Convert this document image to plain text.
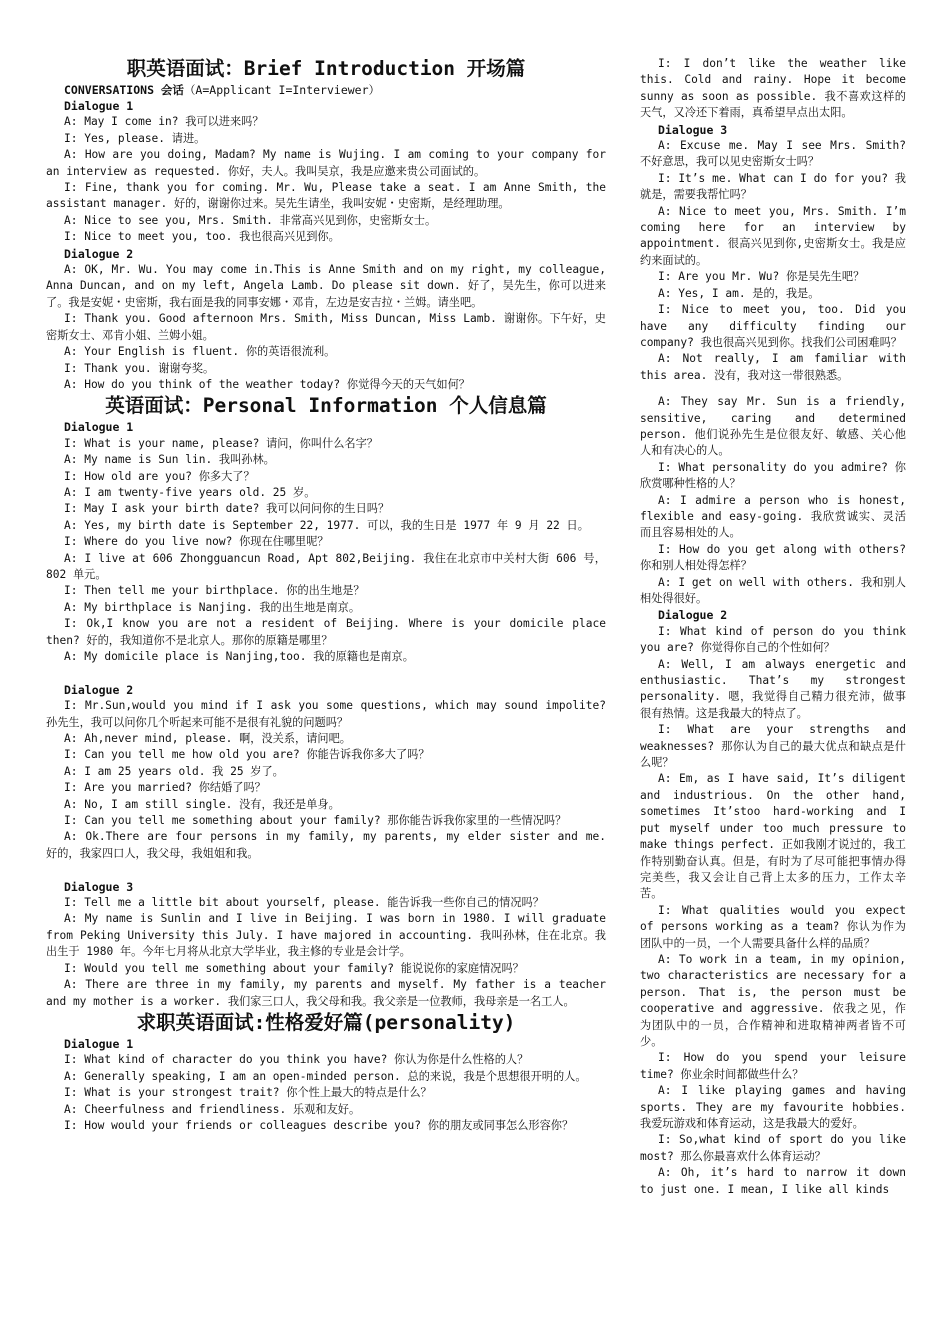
职英语面试：Brief Introduction 开场篇
CONVERSATIONS 会话（A=Applicant I=Interviewer）
Dialogue 1
A: May I come in? 我可以进来吗？
I: Yes, please. 请进。
A: How are you doing, Madam? My name is Wujing. I am coming to your company for an interview as requested. 你好，夫人。我叫吴京，我是应邀来贵公司面试的。
I: Fine, thank you for coming. Mr. Wu, Please take a seat. I am Anne Smith, the assistant manager. 好的，谢谢你过来。吴先生请坐，我叫安妮・史密斯，是经理助理。
A: Nice to see you, Mrs. Smith. 非常高兴见到你，史密斯女士。
I: Nice to meet you, too. 我也很高兴见到你。
Dialogue 2
A: OK, Mr. Wu. You may come in.This is Anne Smith and on my right, my colleague, Anna Duncan, and on my left, Angela Lamb. Do please sit down. 好了，吴先生，你可以进来了。我是安妮・史密斯，我右面是我的同事安娜・邓肯，左边是安吉拉・兰姆。请坐吧。
I: Thank you. Good afternoon Mrs. Smith, Miss Duncan, Miss Lamb. 谢谢你。下午好，史密斯女士、邓肯小姐、兰姆小姐。
A: Your English is fluent. 你的英语很流利。
I: Thank you. 谢谢夸奖。
A: How do you think of the weather today? 你觉得今天的天气如何？
英语面试：Personal Information 个人信息篇
Dialogue 1
I: What is your name, please? 请问，你叫什么名字？
A: My name is Sun lin. 我叫孙林。
I: How old are you? 你多大了？
A: I am twenty-five years old. 25 岁。
I: May I ask your birth date? 我可以问问你的生日吗？
A: Yes, my birth date is September 22, 1977. 可以，我的生日是 1977 年 9 月 22 日。
I: Where do you live now? 你现在住哪里呢？
A: I live at 606 Zhongguancun Road, Apt 802,Beijing. 我住在北京市中关村大街 606 号，802 单元。
I: Then tell me your birthplace. 你的出生地是？
A: My birthplace is Nanjing. 我的出生地是南京。
I: Ok,I know you are not a resident of Beijing. Where is your domicile place then? 好的，我知道你不是北京人。那你的原籍是哪里？
A: My domicile place is Nanjing,too. 我的原籍也是南京。
Dialogue 2
I: Mr.Sun,would you mind if I ask you some questions, which may sound impolite? 孙先生，我可以问你几个听起来可能不是很有礼貌的问题吗？
A: Ah,never mind, please. 啊，没关系，请问吧。
I: Can you tell me how old you are? 你能告诉我你多大了吗？
A: I am 25 years old. 我 25 岁了。
I: Are you married? 你结婚了吗？
A: No, I am still single. 没有，我还是单身。
I: Can you tell me something about your family? 那你能告诉我你家里的一些情况吗？
A: Ok.There are four persons in my family, my parents, my elder sister and me. 好的，我家四口人，我父母，我姐姐和我。
Dialogue 3
I: Tell me a little bit about yourself, please. 能告诉我一些你自己的情况吗？
A: My name is Sunlin and I live in Beijing. I was born in 1980. I will graduate from Peking University this July. I have majored in accounting. 我叫孙林，住在北京。我出生于 1980 年。今年七月将从北京大学毕业，我主修的专业是会计学。
I: Would you tell me something about your family? 能说说你的家庭情况吗？
A: There are three in my family, my parents and myself. My father is a teacher and my mother is a worker. 我们家三口人，我父母和我。我父亲是一位教师，我母亲是一名工人。
求职英语面试:性格爱好篇(personality)
Dialogue 1
I: What kind of character do you think you have? 你认为你是什么性格的人？
A: Generally speaking, I am an open-minded person. 总的来说，我是个思想很开明的人。
I: What is your strongest trait? 你个性上最大的特点是什么？
A: Cheerfulness and friendliness. 乐观和友好。
I: How would your friends or colleagues describe you? 你的朋友或同事怎么形容你？
I: I don’t like the weather like this. Cold and rainy. Hope it become sunny as soon as possible. 我不喜欢这样的天气，又冷还下着雨，真希望早点出太阳。
Dialogue 3
A: Excuse me. May I see Mrs. Smith? 不好意思，我可以见史密斯女士吗？
I: It’s me. What can I do for you? 我就是，需要我帮忙吗？
A: Nice to meet you, Mrs. Smith. I’m coming here for an interview by appointment. 很高兴见到你,史密斯女士。我是应约来面试的。
I: Are you Mr. Wu? 你是吴先生吧？
A: Yes, I am. 是的，我是。
I: Nice to meet you, too. Did you have any difficulty finding our company? 我也很高兴见到你。找我们公司困难吗？
A: Not really, I am familiar with this area. 没有，我对这一带很熟悉。
A: They say Mr. Sun is a friendly, sensitive, caring and determined person. 他们说孙先生是位很友好、敏感、关心他人和有决心的人。
I: What personality do you admire? 你欣赏哪种性格的人？
A: I admire a person who is honest, flexible and easy-going. 我欣赏诚实、灵活而且容易相处的人。
I: How do you get along with others? 你和别人相处得怎样？
A: I get on well with others. 我和别人相处得很好。
Dialogue 2
I: What kind of person do you think you are? 你觉得你自己的个性如何？
A: Well, I am always energetic and enthusiastic. That’s my strongest personality. 嗯，我觉得自己精力很充沛，做事很有热情。这是我最大的特点了。
I: What are your strengths and weaknesses? 那你认为自己的最大优点和缺点是什么呢？
A: Em, as I have said, It’s diligent and industrious. On the other hand, sometimes It’stoo hard-working and I put myself under too much pressure to make things perfect. 正如我刚才说过的，我工作特别勤奋认真。但是，有时为了尽可能把事情办得完美些，我又会让自己背上太多的压力，工作太辛苦。
I: What qualities would you expect of persons working as a team? 你认为作为团队中的一员，一个人需要具备什么样的品质？
A: To work in a team, in my opinion, two characteristics are necessary for a person. That is, the person must be cooperative and aggressive. 依我之见，作为团队中的一员，合作精神和进取精神两者皆不可少。
I: How do you spend your leisure time? 你业余时间都做些什么？
A: I like playing games and having sports. They are my favourite hobbies. 我爱玩游戏和体育运动，这是我最大的爱好。
I: So,what kind of sport do you like most? 那么你最喜欢什么体育运动？
A: Oh, it’s hard to narrow it down to just one. I mean, I like all kinds
